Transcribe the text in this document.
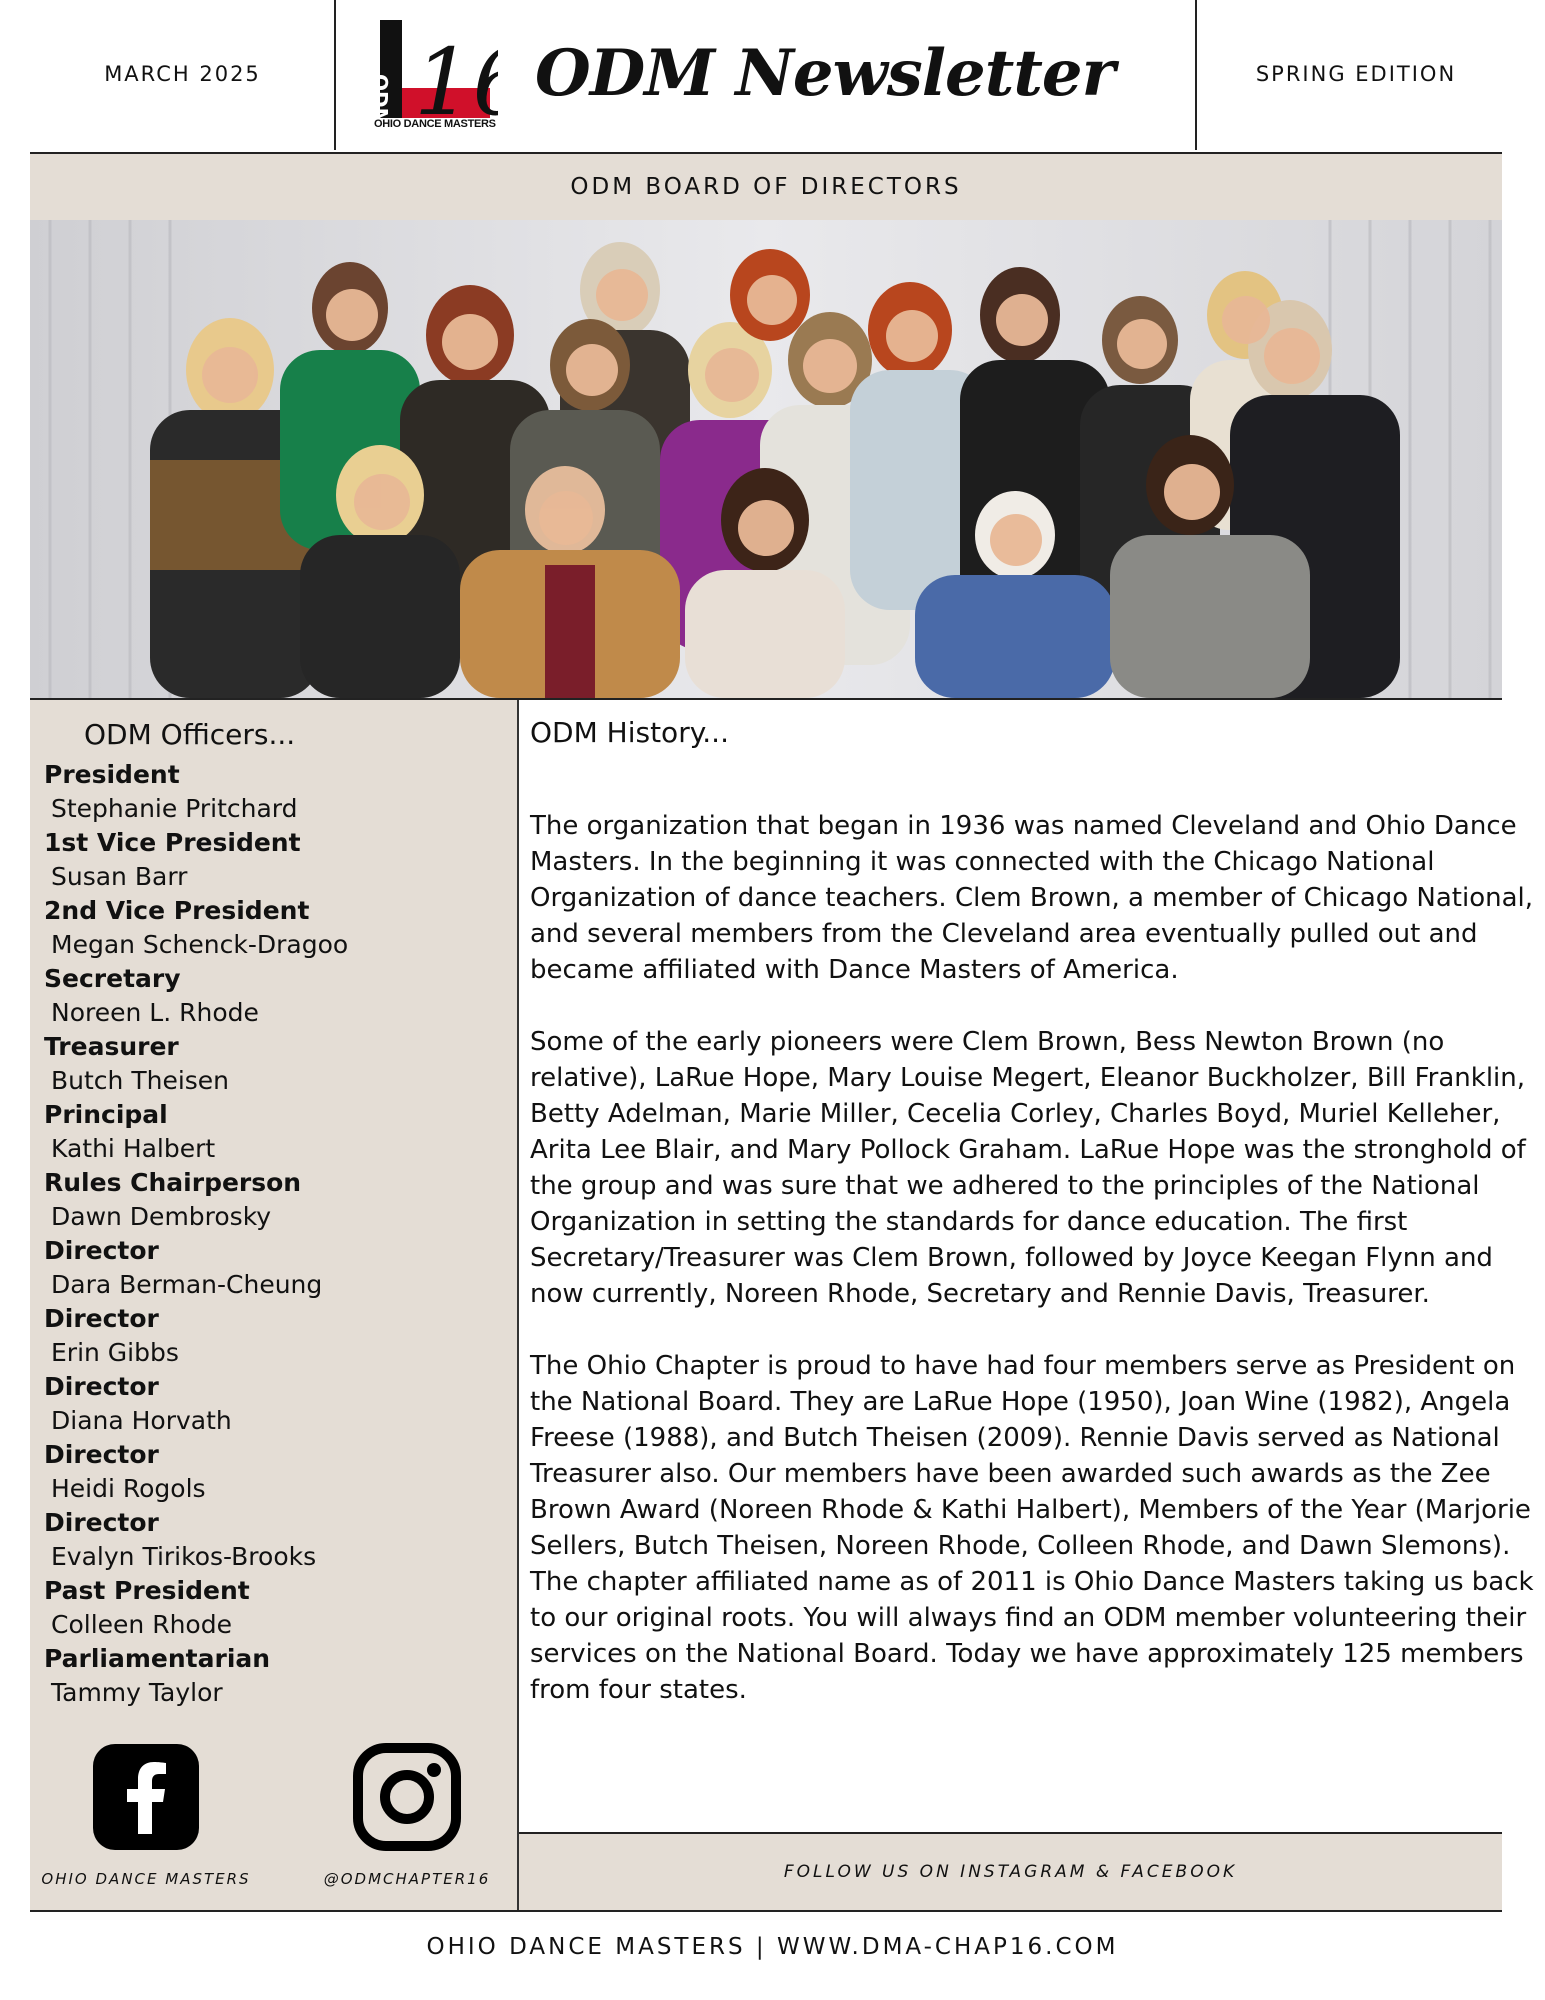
MARCH 2025	ODM 1
OHIO DANCE MASTERS
ODM Newsletter	SPRING EDITION
ODM BOARD OF DIRECTORS
ODM Officers...
President
Stephanie Pritchard
1st Vice President
Susan Barr
2nd Vice President
Megan Schenck-Dragoo
Secretary
Noreen L. Rhode
Treasurer
Butch Theisen
Principal
Kathi Halbert
Rules Chairperson
Dawn Dembrosky
Director
Dara Berman-Cheung
Director
Erin Gibbs
Director
Diana Horvath
Director
Heidi Rogols
Director
Evalyn Tirikos-Brooks
Past President
Colleen Rhode
Parliamentarian
Tammy Taylor
OHIO DANCE MASTERS	@ODMCHAPTER16
ODM History...

The organization that began in 1936 was named Cleveland and Ohio Dance Masters. In the beginning it was connected with the Chicago National Organization of dance teachers. Clem Brown, a member of Chicago National, and several members from the Cleveland area eventually pulled out and became affiliated with Dance Masters of America.

Some of the early pioneers were Clem Brown, Bess Newton Brown (no relative), LaRue Hope, Mary Louise Megert, Eleanor Buckholzer, Bill Franklin, Betty Adelman, Marie Miller, Cecelia Corley, Charles Boyd, Muriel Kelleher, Arita Lee Blair, and Mary Pollock Graham. LaRue Hope was the stronghold of the group and was sure that we adhered to the principles of the National Organization in setting the standards for dance education. The first Secretary/Treasurer was Clem Brown, followed by Joyce Keegan Flynn and now currently, Noreen Rhode, Secretary and Rennie Davis, Treasurer.

The Ohio Chapter is proud to have had four members serve as President on the National Board. They are LaRue Hope (1950), Joan Wine (1982), Angela Freese (1988), and Butch Theisen (2009). Rennie Davis served as National Treasurer also. Our members have been awarded such awards as the Zee Brown Award (Noreen Rhode & Kathi Halbert), Members of the Year (Marjorie Sellers, Butch Theisen, Noreen Rhode, Colleen Rhode, and Dawn Slemons). The chapter affiliated name as of 2011 is Ohio Dance Masters taking us back to our original roots. You will always find an ODM member volunteering their services on the National Board. Today we have approximately 125 members from four states.

FOLLOW US ON INSTAGRAM & FACEBOOK
OHIO DANCE MASTERS | WWW.DMA-CHAP16.COM
